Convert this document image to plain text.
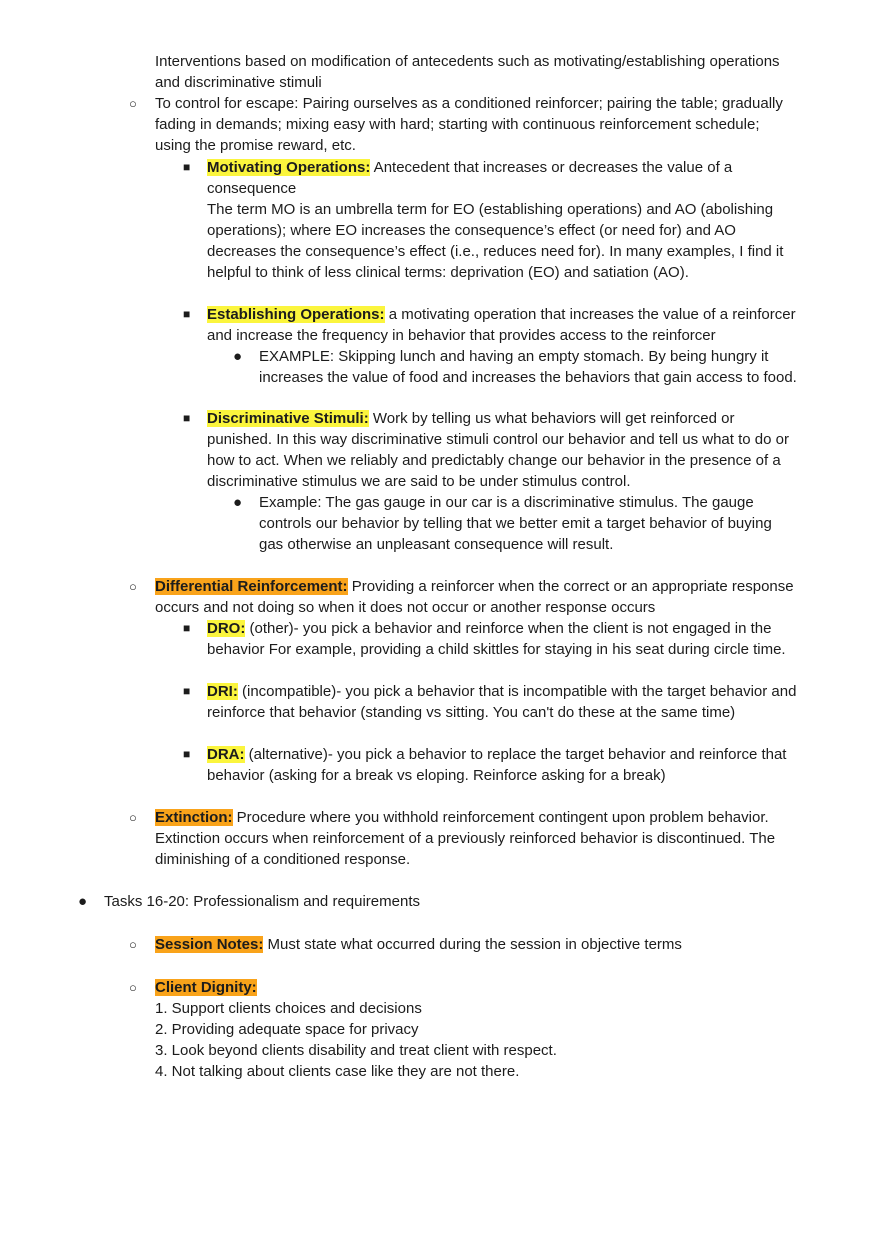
Interventions based on modification of antecedents such as motivating/establishing operations

and discriminative stimuli

○ To control for escape: Pairing ourselves as a conditioned reinforcer; pairing the table; gradually

fading in demands; mixing easy with hard; starting with continuous reinforcement schedule;

using the promise reward, etc.

■ Motivating Operations: Antecedent that increases or decreases the value of a

consequence

The term MO is an umbrella term for EO (establishing operations) and AO (abolishing

operations); where EO increases the consequence’s effect (or need for) and AO

decreases the consequence’s effect (i.e., reduces need for). In many examples, I find it

helpful to think of less clinical terms: deprivation (EO) and satiation (AO).

■ Establishing Operations: a motivating operation that increases the value of a reinforcer

and increase the frequency in behavior that provides access to the reinforcer

● EXAMPLE: Skipping lunch and having an empty stomach. By being hungry it

increases the value of food and increases the behaviors that gain access to food.

■ Discriminative Stimuli: Work by telling us what behaviors will get reinforced or

punished. In this way discriminative stimuli control our behavior and tell us what to do or

how to act. When we reliably and predictably change our behavior in the presence of a

discriminative stimulus we are said to be under stimulus control.

● Example: The gas gauge in our car is a discriminative stimulus. The gauge

controls our behavior by telling that we better emit a target behavior of buying

gas otherwise an unpleasant consequence will result.

○ Differential Reinforcement: Providing a reinforcer when the correct or an appropriate response

occurs and not doing so when it does not occur or another response occurs

■ DRO: (other)- you pick a behavior and reinforce when the client is not engaged in the

behavior For example, providing a child skittles for staying in his seat during circle time.

■ DRI: (incompatible)- you pick a behavior that is incompatible with the target behavior and

reinforce that behavior (standing vs sitting. You can't do these at the same time)

■ DRA: (alternative)- you pick a behavior to replace the target behavior and reinforce that

behavior (asking for a break vs eloping. Reinforce asking for a break)

○ Extinction: Procedure where you withhold reinforcement contingent upon problem behavior.

Extinction occurs when reinforcement of a previously reinforced behavior is discontinued. The

diminishing of a conditioned response.

● Tasks 16-20: Professionalism and requirements

○ Session Notes: Must state what occurred during the session in objective terms

○ Client Dignity:

1. Support clients choices and decisions

2. Providing adequate space for privacy

3. Look beyond clients disability and treat client with respect.

4. Not talking about clients case like they are not there.
